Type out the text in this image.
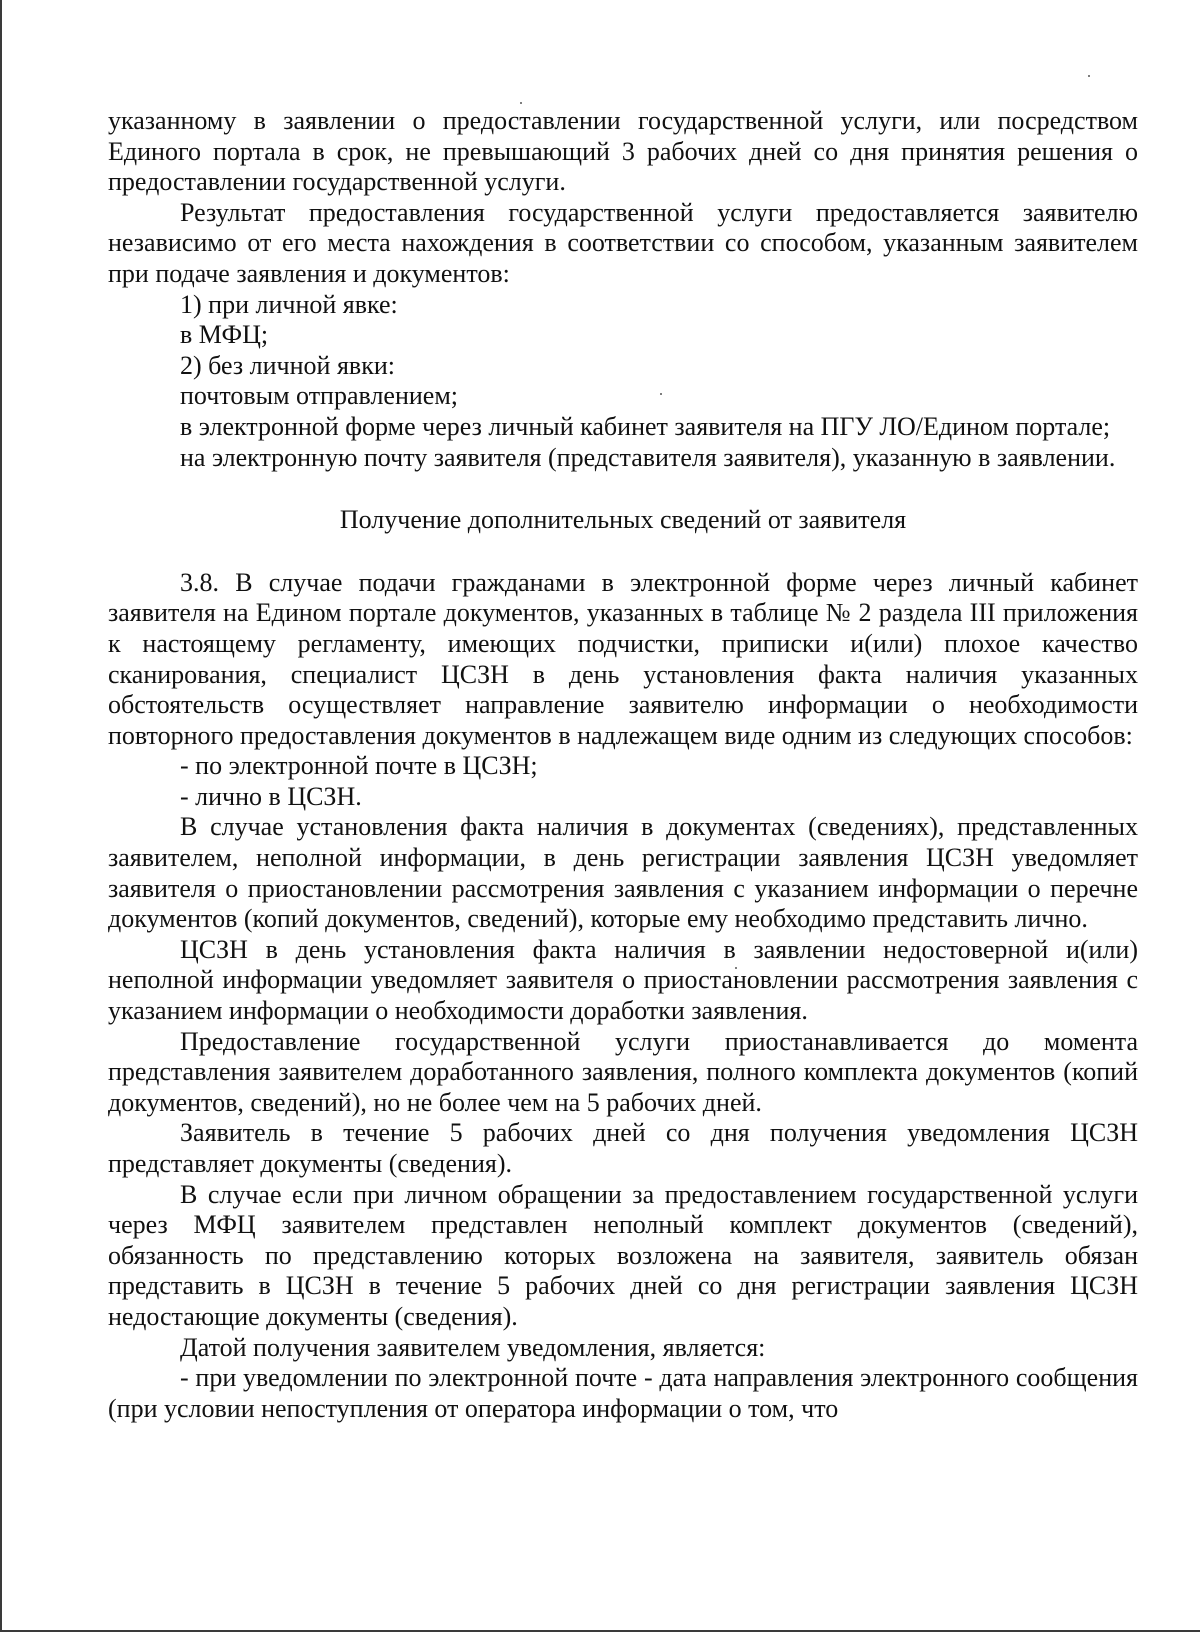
указанному в заявлении о предоставлении государственной услуги, или посредством Единого портала в срок, не превышающий 3 рабочих дней со дня принятия решения о предоставлении государственной услуги.

Результат предоставления государственной услуги предоставляется заявителю независимо от его места нахождения в соответствии со способом, указанным заявителем при подаче заявления и документов:

1) при личной явке:

в МФЦ;

2) без личной явки:

почтовым отправлением;

в электронной форме через личный кабинет заявителя на ПГУ ЛО/Едином портале;

на электронную почту заявителя (представителя заявителя), указанную в заявлении.

Получение дополнительных сведений от заявителя

3.8. В случае подачи гражданами в электронной форме через личный кабинет заявителя на Едином портале документов, указанных в таблице № 2 раздела III приложения к настоящему регламенту, имеющих подчистки, приписки и(или) плохое качество сканирования, специалист ЦСЗН в день установления факта наличия указанных обстоятельств осуществляет направление заявителю информации о необходимости повторного предоставления документов в надлежащем виде одним из следующих способов:

- по электронной почте в ЦСЗН;

- лично в ЦСЗН.

В случае установления факта наличия в документах (сведениях), представленных заявителем, неполной информации, в день регистрации заявления ЦСЗН уведомляет заявителя о приостановлении рассмотрения заявления с указанием информации о перечне документов (копий документов, сведений), которые ему необходимо представить лично.

ЦСЗН в день установления факта наличия в заявлении недостоверной и(или) неполной информации уведомляет заявителя о приостановлении рассмотрения заявления с указанием информации о необходимости доработки заявления.

Предоставление государственной услуги приостанавливается до момента представления заявителем доработанного заявления, полного комплекта документов (копий документов, сведений), но не более чем на 5 рабочих дней.

Заявитель в течение 5 рабочих дней со дня получения уведомления ЦСЗН представляет документы (сведения).

В случае если при личном обращении за предоставлением государственной услуги через МФЦ заявителем представлен неполный комплект документов (сведений), обязанность по представлению которых возложена на заявителя, заявитель обязан представить в ЦСЗН в течение 5 рабочих дней со дня регистрации заявления ЦСЗН недостающие документы (сведения).

Датой получения заявителем уведомления, является:

- при уведомлении по электронной почте - дата направления электронного сообщения (при условии непоступления от оператора информации о том, что
